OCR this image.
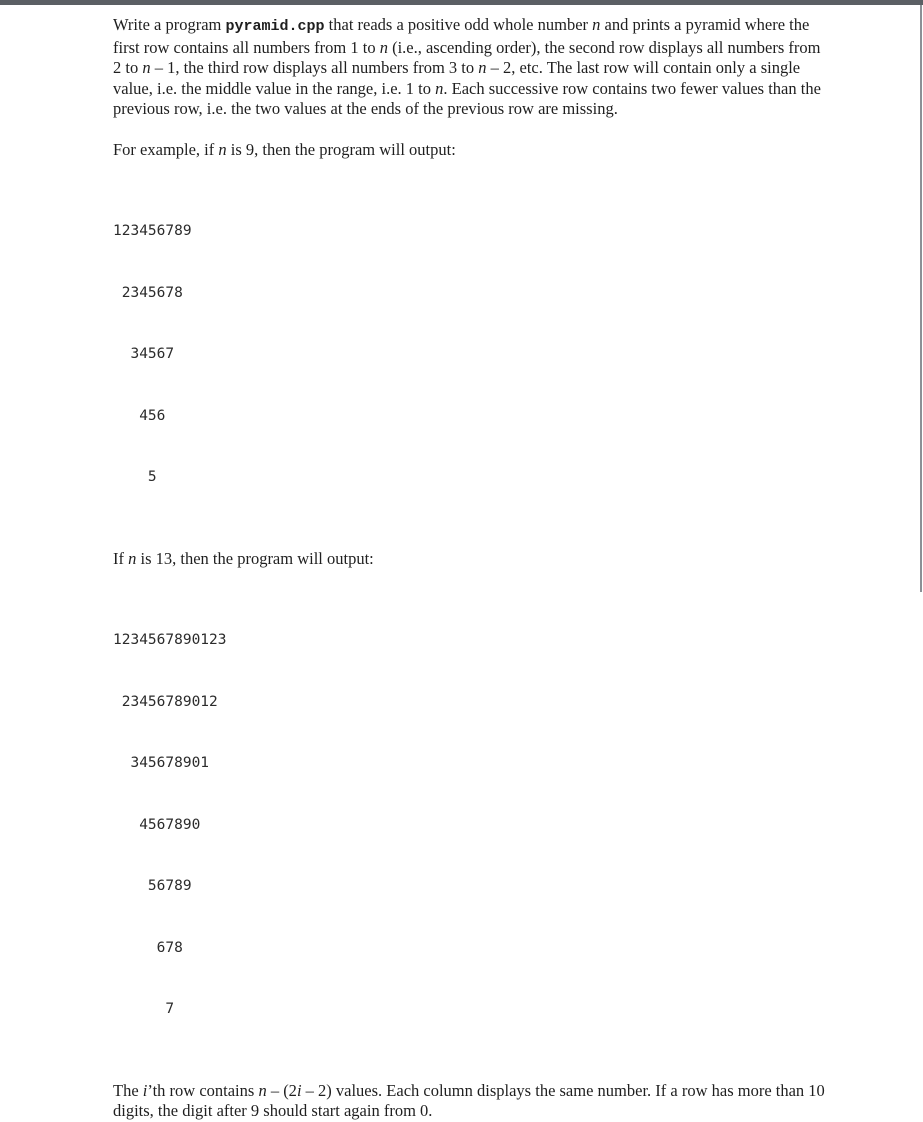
Write a program pyramid.cpp that reads a positive odd whole number n and prints a pyramid where the first row contains all numbers from 1 to n (i.e., ascending order), the second row displays all numbers from 2 to n – 1, the third row displays all numbers from 3 to n – 2, etc. The last row will contain only a single value, i.e. the middle value in the range, i.e. 1 to n. Each successive row contains two fewer values than the previous row, i.e. the two values at the ends of the previous row are missing.

For example, if n is 9, then the program will output:

123456789

2345678

34567

456

5

If n is 13, then the program will output:

1234567890123

23456789012

345678901

4567890

56789

678

7

The i’th row contains n – (2i – 2) values. Each column displays the same number. If a row has more than 10 digits, the digit after 9 should start again from 0.
